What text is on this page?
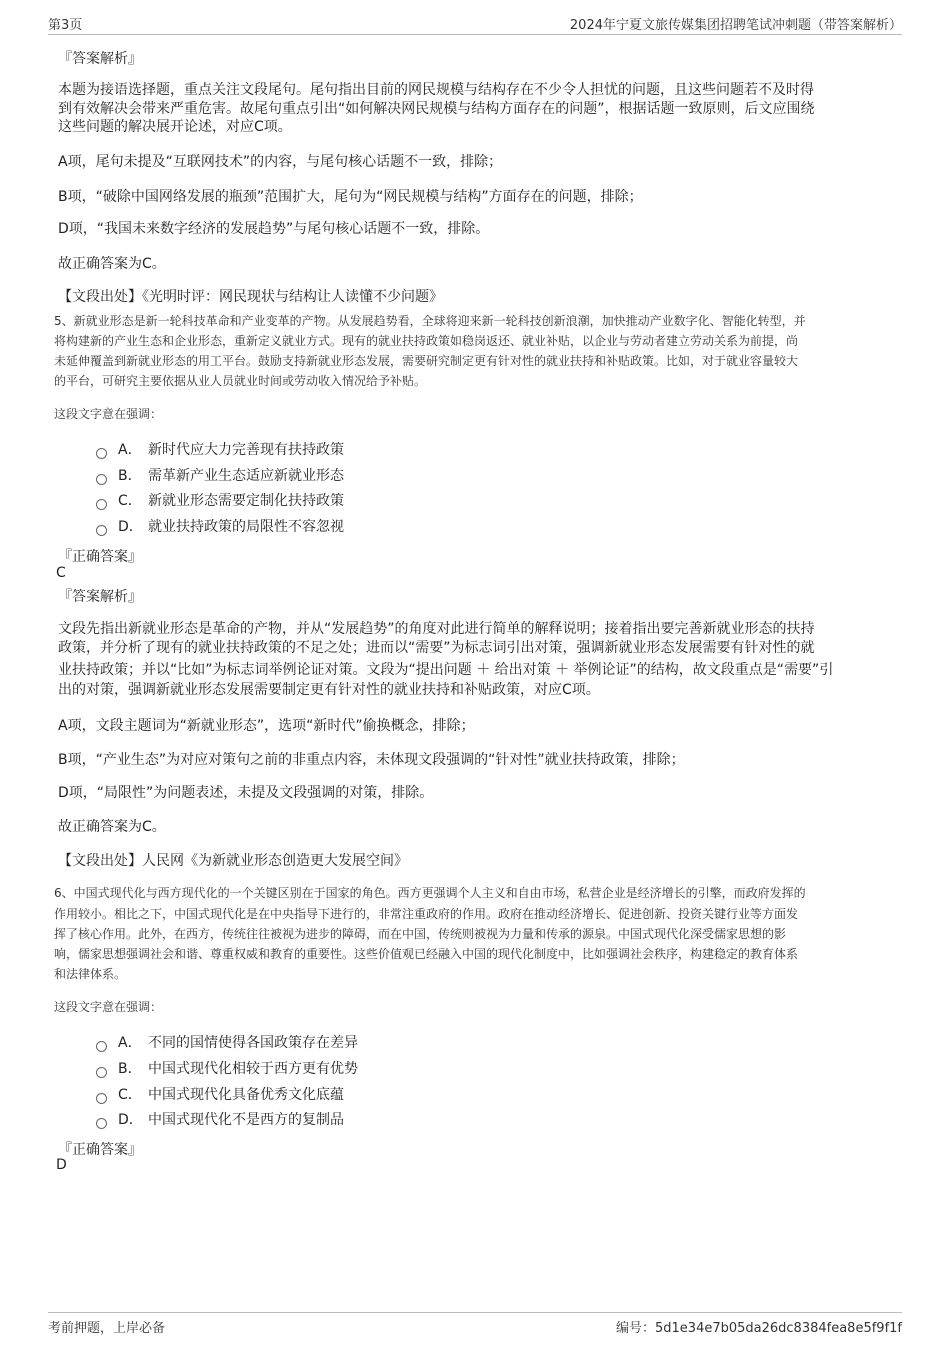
第3页	2024年宁夏文旅传媒集团招聘笔试冲刺题（带答案解析）
『答案解析』

本题为接语选择题，重点关注文段尾句。尾句指出目前的网民规模与结构存在不少令人担忧的问题，且这些问题若不及时得

到有效解决会带来严重危害。故尾句重点引出“如何解决网民规模与结构方面存在的问题”，根据话题一致原则，后文应围绕

这些问题的解决展开论述，对应C项。

A项，尾句未提及“互联网技术”的内容，与尾句核心话题不一致，排除；
B项，“破除中国网络发展的瓶颈”范围扩大，尾句为“网民规模与结构”方面存在的问题，排除；
D项，“我国未来数字经济的发展趋势”与尾句核心话题不一致，排除。
故正确答案为C。
【文段出处】《光明时评：网民现状与结构让人读懂不少问题》

5、新就业形态是新一轮科技革命和产业变革的产物。从发展趋势看，全球将迎来新一轮科技创新浪潮，加快推动产业数字化、智能化转型，并

将构建新的产业生态和企业形态，重新定义就业方式。现有的就业扶持政策如稳岗返还、就业补贴，以企业与劳动者建立劳动关系为前提，尚

未延伸覆盖到新就业形态的用工平台。鼓励支持新就业形态发展，需要研究制定更有针对性的就业扶持和补贴政策。比如，对于就业容量较大

的平台，可研究主要依据从业人员就业时间或劳动收入情况给予补贴。

这段文字意在强调：
A． 新时代应大力完善现有扶持政策
B． 需革新产业生态适应新就业形态
C． 新就业形态需要定制化扶持政策
D． 就业扶持政策的局限性不容忽视
『正确答案』
C
『答案解析』

文段先指出新就业形态是革命的产物，并从“发展趋势”的角度对此进行简单的解释说明；接着指出要完善新就业形态的扶持

政策，并分析了现有的就业扶持政策的不足之处；进而以“需要”为标志词引出对策，强调新就业形态发展需要有针对性的就

业扶持政策；并以“比如”为标志词举例论证对策。文段为“提出问题 ＋ 给出对策 ＋ 举例论证”的结构，故文段重点是“需要”引

出的对策，强调新就业形态发展需要制定更有针对性的就业扶持和补贴政策，对应C项。

A项，文段主题词为“新就业形态”，选项“新时代”偷换概念，排除；
B项，“产业生态”为对应对策句之前的非重点内容，未体现文段强调的“针对性”就业扶持政策，排除；
D项，“局限性”为问题表述，未提及文段强调的对策，排除。
故正确答案为C。
【文段出处】人民网《为新就业形态创造更大发展空间》

6、中国式现代化与西方现代化的一个关键区别在于国家的角色。西方更强调个人主义和自由市场，私营企业是经济增长的引擎，而政府发挥的

作用较小。相比之下，中国式现代化是在中央指导下进行的，非常注重政府的作用。政府在推动经济增长、促进创新、投资关键行业等方面发

挥了核心作用。此外，在西方，传统往往被视为进步的障碍，而在中国，传统则被视为力量和传承的源泉。中国式现代化深受儒家思想的影

响，儒家思想强调社会和谐、尊重权威和教育的重要性。这些价值观已经融入中国的现代化制度中，比如强调社会秩序，构建稳定的教育体系

和法律体系。

这段文字意在强调：
A． 不同的国情使得各国政策存在差异
B． 中国式现代化相较于西方更有优势
C． 中国式现代化具备优秀文化底蕴
D． 中国式现代化不是西方的复制品
『正确答案』
D
考前押题，上岸必备	编号：5d1e34e7b05da26dc8384fea8e5f9f1f
